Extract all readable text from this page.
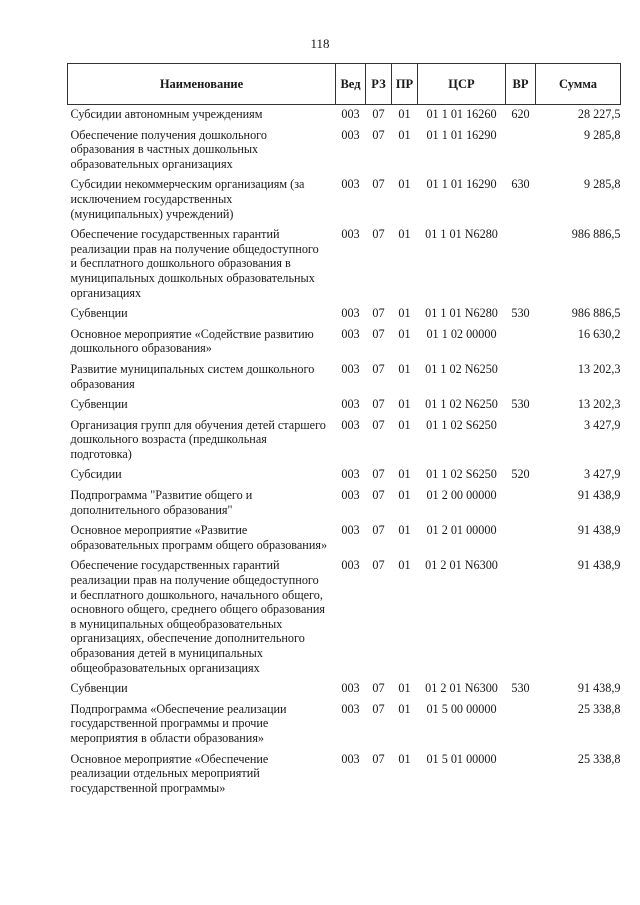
118
Наименование	Вед	РЗ	ПР	ЦСР	ВР	Сумма
Субсидии автономным учреждениям	003	07	01	01 1 01 16260	620	28 227,5
Обеспечение получения дошкольного образования в частных дошкольных образовательных организациях	003	07	01	01 1 01 16290		9 285,8
Субсидии некоммерческим организациям (за исключением государственных (муниципальных) учреждений)	003	07	01	01 1 01 16290	630	9 285,8
Обеспечение государственных гарантий реализации прав на получение общедоступного и бесплатного дошкольного образования в муниципальных дошкольных образовательных организациях	003	07	01	01 1 01 N6280		986 886,5
Субвенции	003	07	01	01 1 01 N6280	530	986 886,5
Основное мероприятие «Содействие развитию дошкольного образования»	003	07	01	01 1 02 00000		16 630,2
Развитие муниципальных систем дошкольного образования	003	07	01	01 1 02 N6250		13 202,3
Субвенции	003	07	01	01 1 02 N6250	530	13 202,3
Организация групп для обучения детей старшего дошкольного возраста (предшкольная подготовка)	003	07	01	01 1 02 S6250		3 427,9
Субсидии	003	07	01	01 1 02 S6250	520	3 427,9
Подпрограмма "Развитие общего и дополнительного образования"	003	07	01	01 2 00 00000		91 438,9
Основное мероприятие «Развитие образовательных программ общего образования»	003	07	01	01 2 01 00000		91 438,9
Обеспечение государственных гарантий реализации прав на получение общедоступного и бесплатного дошкольного, начального общего, основного общего, среднего общего образования в муниципальных общеобразовательных организациях, обеспечение дополнительного образования детей в муниципальных общеобразовательных организациях	003	07	01	01 2 01 N6300		91 438,9
Субвенции	003	07	01	01 2 01 N6300	530	91 438,9
Подпрограмма «Обеспечение реализации государственной программы и прочие мероприятия в области образования»	003	07	01	01 5 00 00000		25 338,8
Основное мероприятие «Обеспечение реализации отдельных мероприятий государственной программы»	003	07	01	01 5 01 00000		25 338,8
